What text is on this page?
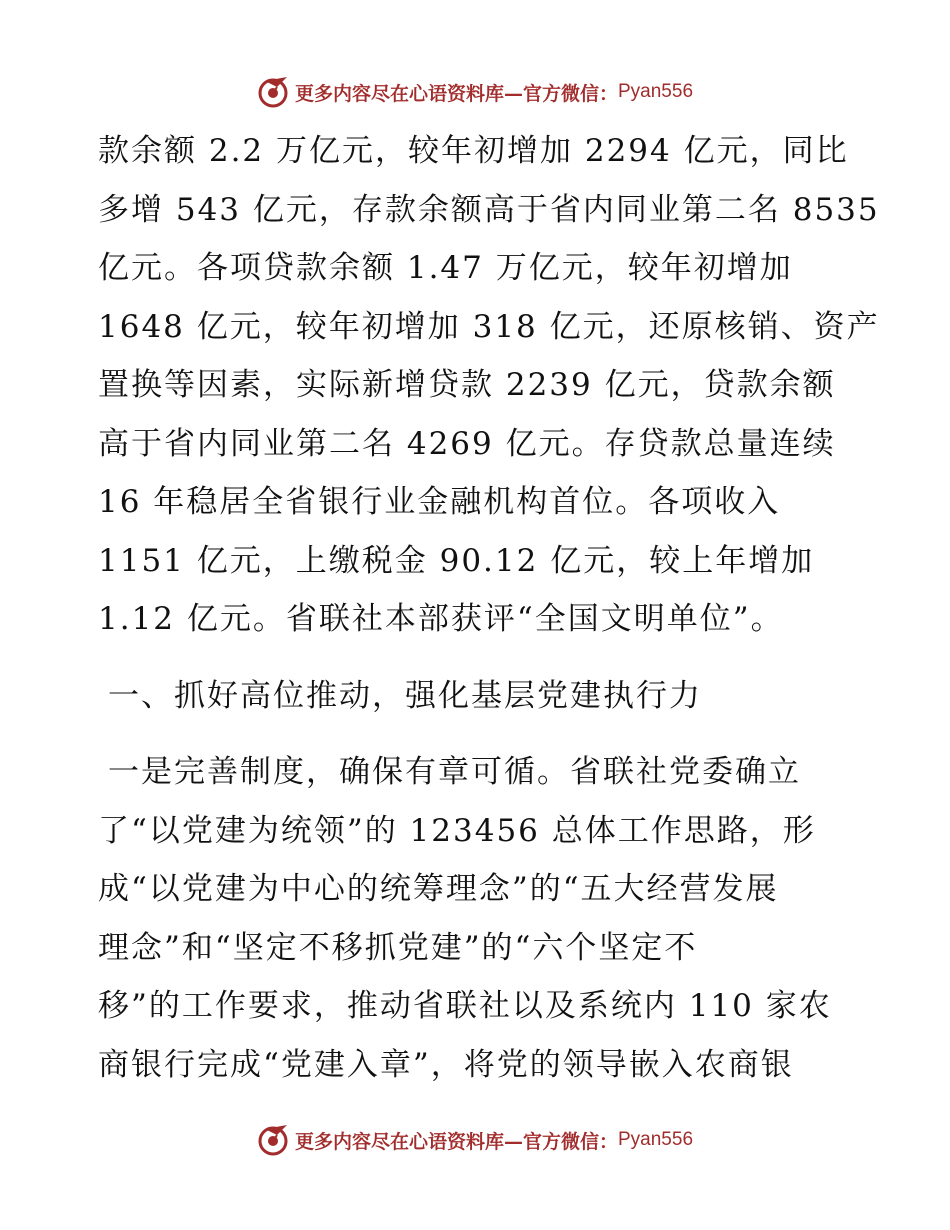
更多内容尽在心语资料库—官方微信： Pyan556
款余额 2.2 万亿元，较年初增加 2294 亿元，同比
多增 543 亿元，存款余额高于省内同业第二名 8535
亿元。各项贷款余额 1.47 万亿元，较年初增加
1648 亿元，较年初增加 318 亿元，还原核销、资产
置换等因素，实际新增贷款 2239 亿元，贷款余额
高于省内同业第二名 4269 亿元。存贷款总量连续
16 年稳居全省银行业金融机构首位。各项收入
1151 亿元，上缴税金 90.12 亿元，较上年增加
1.12 亿元。省联社本部获评“全国文明单位”。
一、抓好高位推动，强化基层党建执行力
一是完善制度，确保有章可循。省联社党委确立
了“以党建为统领”的 123456 总体工作思路，形
成“以党建为中心的统筹理念”的“五大经营发展
理念”和“坚定不移抓党建”的“六个坚定不
移”的工作要求，推动省联社以及系统内 110 家农
商银行完成“党建入章”，将党的领导嵌入农商银
更多内容尽在心语资料库—官方微信： Pyan556
